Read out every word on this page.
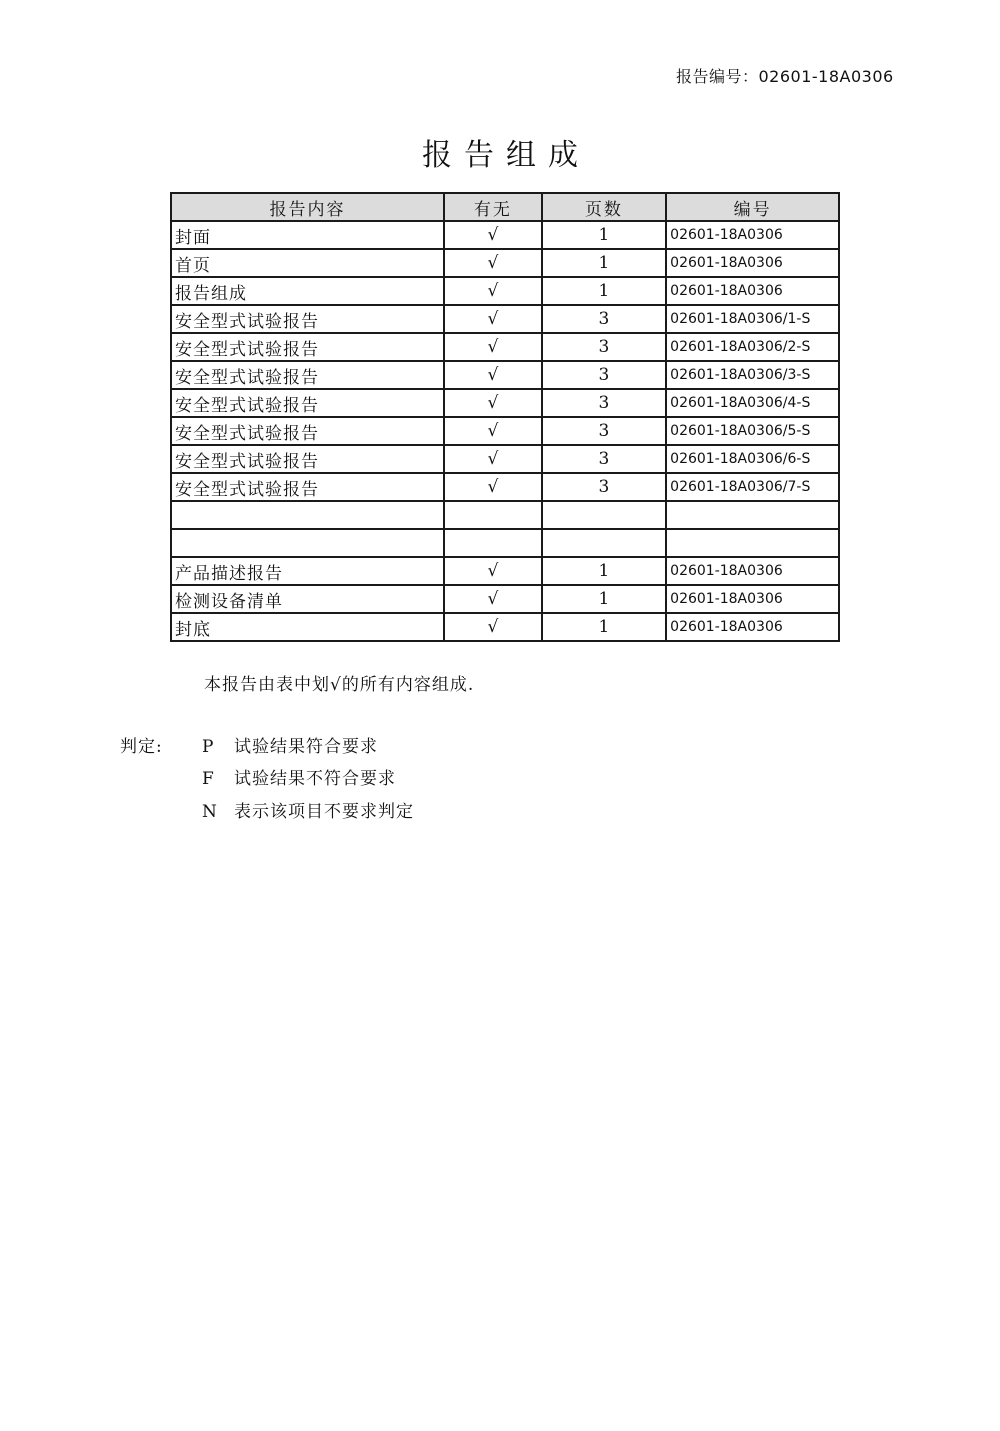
报告编号：02601-18A0306
报告组成
报告内容	有无	页数	编号
封面	√	1	02601-18A0306
首页	√	1	02601-18A0306
报告组成	√	1	02601-18A0306
安全型式试验报告	√	3	02601-18A0306/1-S
安全型式试验报告	√	3	02601-18A0306/2-S
安全型式试验报告	√	3	02601-18A0306/3-S
安全型式试验报告	√	3	02601-18A0306/4-S
安全型式试验报告	√	3	02601-18A0306/5-S
安全型式试验报告	√	3	02601-18A0306/6-S
安全型式试验报告	√	3	02601-18A0306/7-S

产品描述报告	√	1	02601-18A0306
检测设备清单	√	1	02601-18A0306
封底	√	1	02601-18A0306
本报告由表中划√的所有内容组成.
判定: P 试验结果符合要求
F 试验结果不符合要求
N 表示该项目不要求判定
